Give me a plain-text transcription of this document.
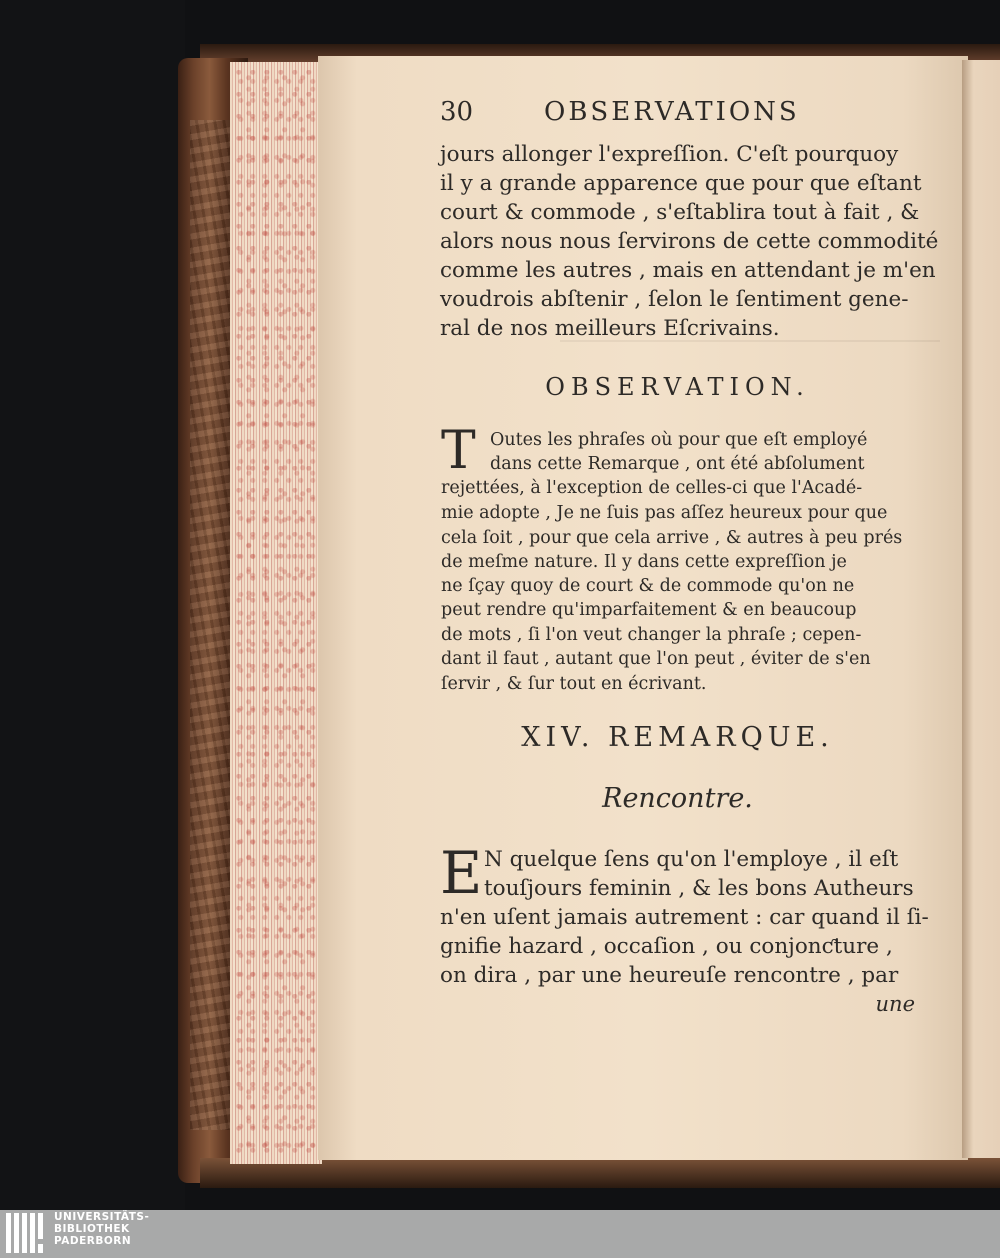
30	OBSERVATIONS
jours allonger l'expreſſion. C'eſt pourquoy
il y a grande apparence que pour que eſtant
court & commode , s'eſtablira tout à fait , &
alors nous nous ſervirons de cette commodité
comme les autres , mais en attendant je m'en
voudrois abſtenir , ſelon le ſentiment gene-
ral de nos meilleurs Eſcrivains.
OBSERVATION.
T Outes les phraſes où pour que eſt employé
dans cette Remarque , ont été abſolument
rejettées, à l'exception de celles-ci que l'Acadé-
mie adopte , Je ne ſuis pas aſſez heureux pour que
cela ſoit , pour que cela arrive , & autres à peu prés
de meſme nature. Il y dans cette expreſſion je
ne ſçay quoy de court & de commode qu'on ne
peut rendre qu'imparfaitement & en beaucoup
de mots , ſi l'on veut changer la phraſe ; cepen-
dant il faut , autant que l'on peut , éviter de s'en
ſervir , & ſur tout en écrivant.
XIV. REMARQUE.
Rencontre.
E N quelque ſens qu'on l'employe , il eſt
touſjours feminin , & les bons Autheurs
n'en uſent jamais autrement : car quand il ſi-
gnifie hazard , occaſion , ou conjonƈture ,
on dira , par une heureuſe rencontre , par
une
UNIVERSITÄTS-
BIBLIOTHEK
PADERBORN
